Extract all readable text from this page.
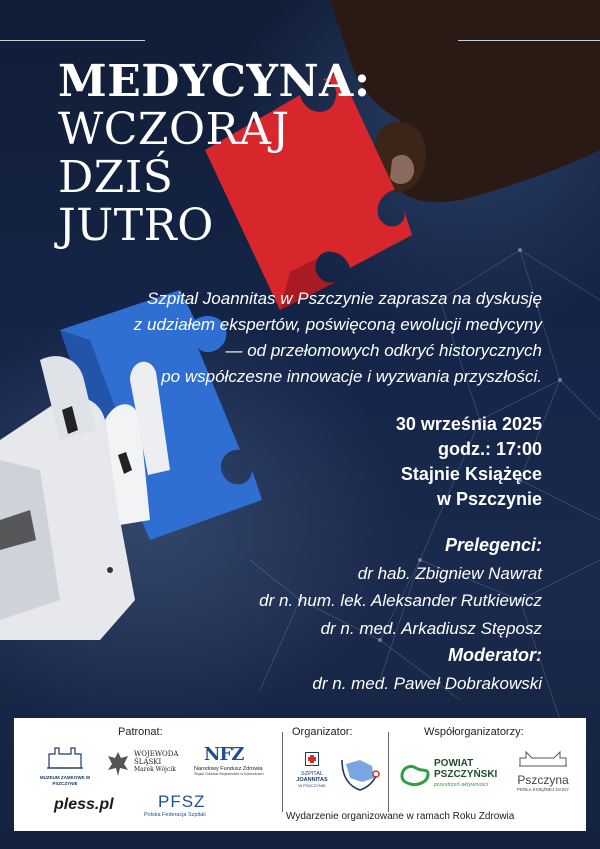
MEDYCYNA:
WCZORAJ
DZIŚ
JUTRO
Szpital Joannitas w Pszczynie zaprasza na dyskusję
z udziałem ekspertów, poświęconą ewolucji medycyny
— od przełomowych odkryć historycznych
po współczesne innowacje i wyzwania przyszłości.
30 września 2025
godz.: 17:00
Stajnie Książęce
w Pszczynie
Prelegenci:
dr hab. Zbigniew Nawrat
dr n. hum. lek. Aleksander Rutkiewicz
dr n. med. Arkadiusz Stęposz
Moderator:
dr n. med. Paweł Dobrakowski
Patronat:	Organizator:	Współorganizatorzy:
MUZEUM ZAMKOWE W PSZCZYNIE
WOJEWODA
ŚLĄSKI
Marek Wójcik
NFZ
Narodowy Fundusz Zdrowia
Śląski Oddział Wojewódzki w Katowicach
pless.pl	PFSZ
Polska Federacja Szpitali
SZPITAL
JOANNITAS
W PSZCZYNIE
POWIAT
PSZCZYŃSKI
przestrzeń aktywności	Pszczyna
PERŁA KSIĘŻNEJ DAISY
Wydarzenie organizowane w ramach Roku Zdrowia
